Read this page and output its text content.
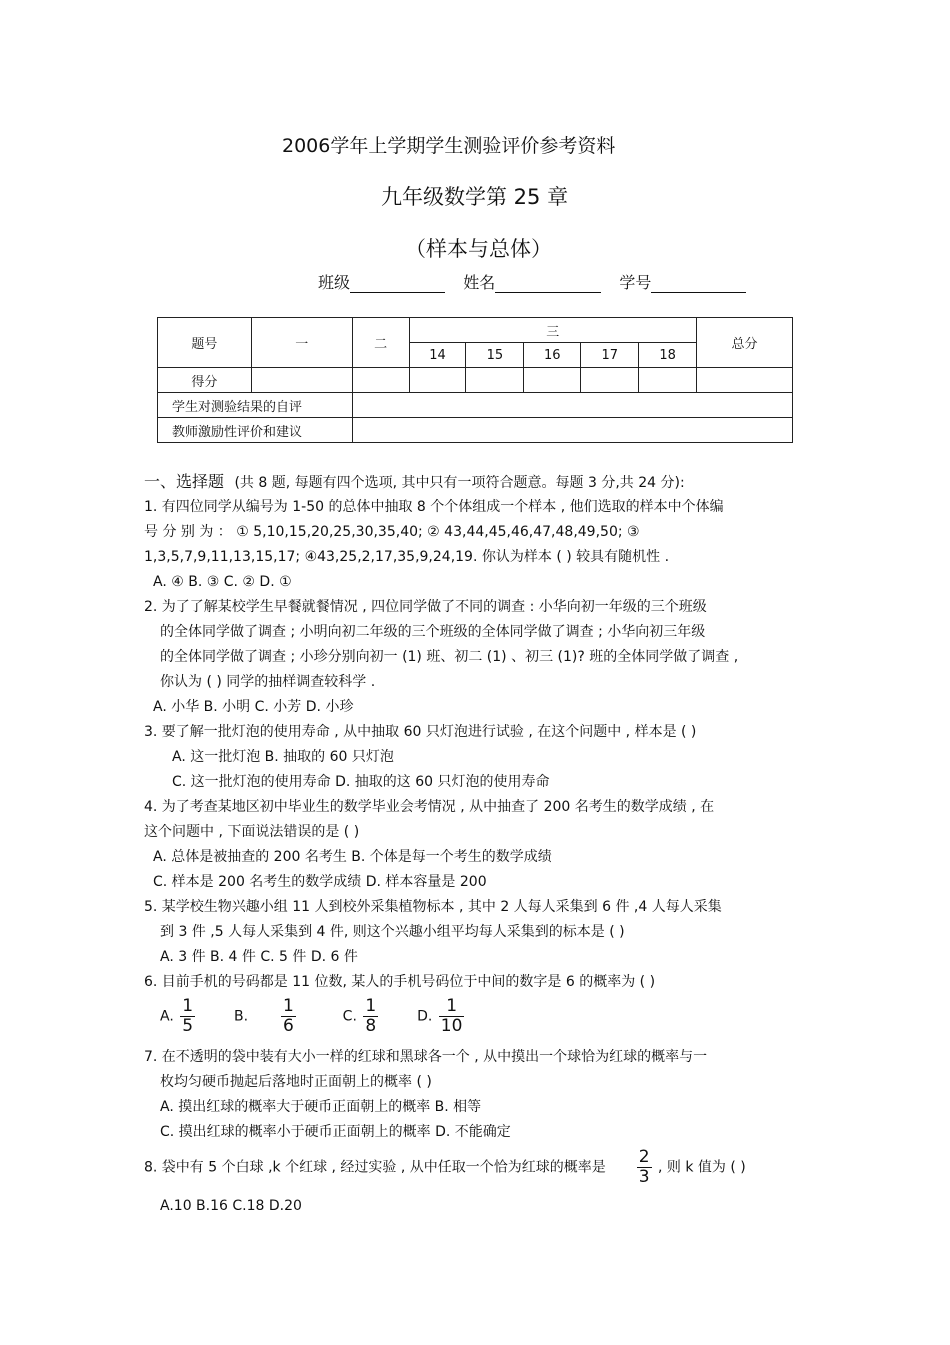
2006学年上学期学生测验评价参考资料
九年级数学第 25 章
（样本与总体）
班级	姓名	学号
题号	一	二	三					总分
			14	15	16	17	18	
得分								
学生对测验结果的自评								
教师激励性评价和建议								
一、选择题 (共 8 题, 每题有四个选项, 其中只有一项符合题意。每题 3 分,共 24 分):
1. 有四位同学从编号为 1-50 的总体中抽取 8 个个体组成一个样本 , 他们选取的样本中个体编
号 分 别 为 ： ① 5,10,15,20,25,30,35,40; ② 43,44,45,46,47,48,49,50; ③
1,3,5,7,9,11,13,15,17; ④43,25,2,17,35,9,24,19. 你认为样本 ( ) 较具有随机性 .
A. ④ B. ③ C. ② D. ①
2. 为了了解某校学生早餐就餐情况 , 四位同学做了不同的调查 : 小华向初一年级的三个班级
的全体同学做了调查 ; 小明向初二年级的三个班级的全体同学做了调查 ; 小华向初三年级
的全体同学做了调查 ; 小珍分别向初一 (1) 班、初二 (1) 、初三 (1)? 班的全体同学做了调查 ,
你认为 ( ) 同学的抽样调查较科学 .
A. 小华 B. 小明 C. 小芳 D. 小珍
3. 要了解一批灯泡的使用寿命 , 从中抽取 60 只灯泡进行试验 , 在这个问题中 , 样本是 ( )
A. 这一批灯泡 B. 抽取的 60 只灯泡
C. 这一批灯泡的使用寿命 D. 抽取的这 60 只灯泡的使用寿命
4. 为了考查某地区初中毕业生的数学毕业会考情况 , 从中抽查了 200 名考生的数学成绩 , 在
这个问题中 , 下面说法错误的是 ( )
A. 总体是被抽查的 200 名考生 B. 个体是每一个考生的数学成绩
C. 样本是 200 名考生的数学成绩 D. 样本容量是 200
5. 某学校生物兴趣小组 11 人到校外采集植物标本 , 其中 2 人每人采集到 6 件 ,4 人每人采集
到 3 件 ,5 人每人采集到 4 件, 则这个兴趣小组平均每人采集到的标本是 ( )
A. 3 件 B. 4 件 C. 5 件 D. 6 件
6. 目前手机的号码都是 11 位数, 某人的手机号码位于中间的数字是 6 的概率为 ( )
A. $\frac{1}{5}$	B. $\frac{1}{6}$	C. $\frac{1}{8}$	D. $\frac{1}{10}$
7. 在不透明的袋中装有大小一样的红球和黑球各一个 , 从中摸出一个球恰为红球的概率与一
枚均匀硬币抛起后落地时正面朝上的概率 ( )
A. 摸出红球的概率大于硬币正面朝上的概率 B. 相等
C. 摸出红球的概率小于硬币正面朝上的概率 D. 不能确定
8. 袋中有 5 个白球 ,k 个红球 , 经过实验 , 从中任取一个恰为红球的概率是 $\frac{2}{3}$ , 则 k 值为 ( )
A.10 B.16 C.18 D.20
